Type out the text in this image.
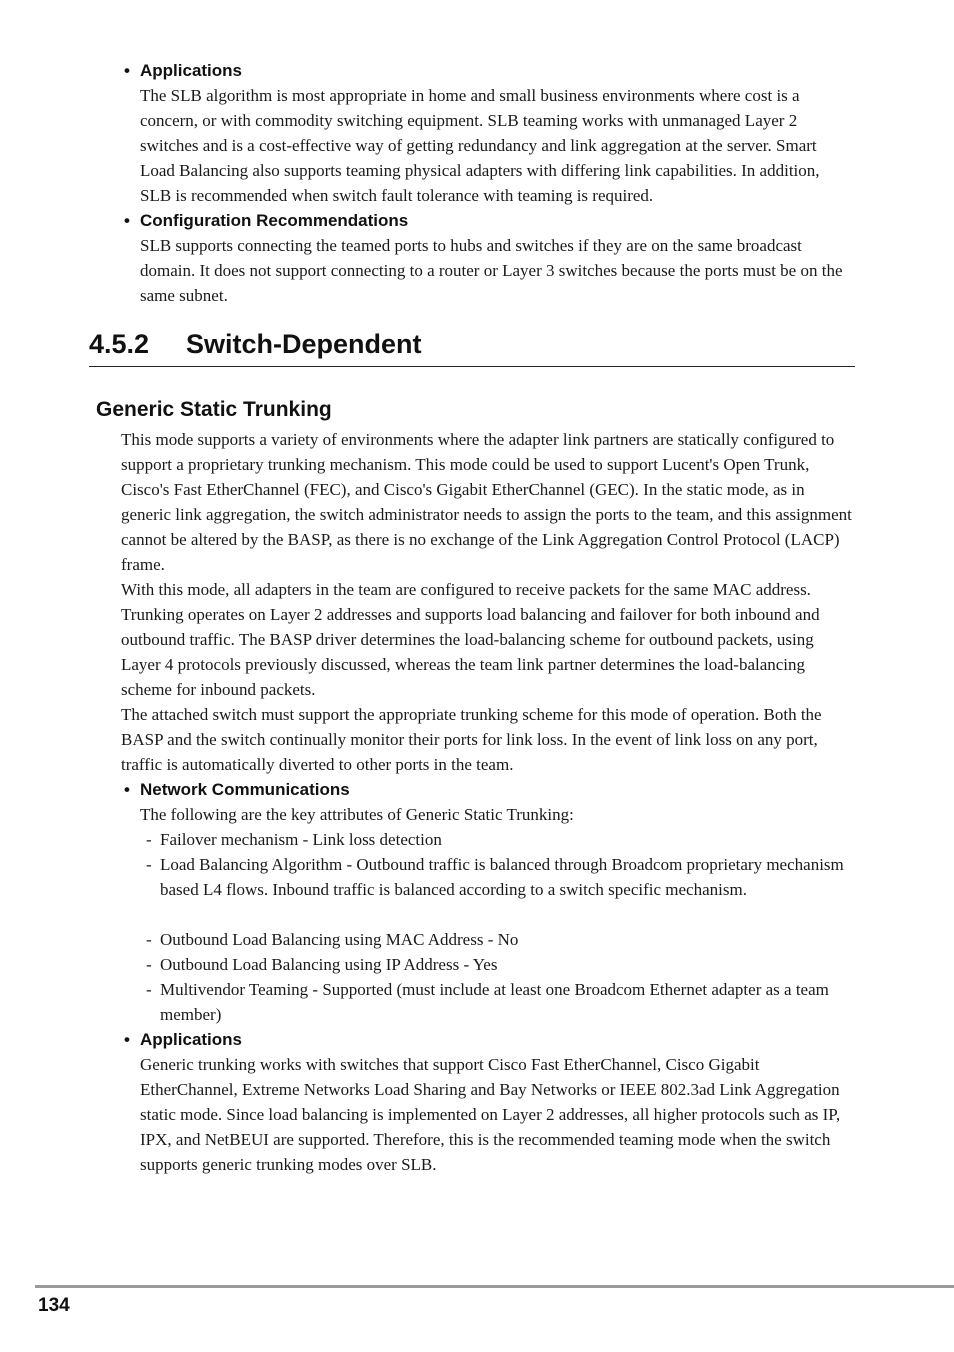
• Applications
The SLB algorithm is most appropriate in home and small business environments where cost is a concern, or with commodity switching equipment. SLB teaming works with unmanaged Layer 2 switches and is a cost-effective way of getting redundancy and link aggregation at the server. Smart Load Balancing also supports teaming physical adapters with differing link capabilities. In addition, SLB is recommended when switch fault tolerance with teaming is required.
• Configuration Recommendations
SLB supports connecting the teamed ports to hubs and switches if they are on the same broadcast domain. It does not support connecting to a router or Layer 3 switches because the ports must be on the same subnet.
4.5.2 Switch-Dependent
Generic Static Trunking
This mode supports a variety of environments where the adapter link partners are statically configured to support a proprietary trunking mechanism. This mode could be used to support Lucent's Open Trunk, Cisco's Fast EtherChannel (FEC), and Cisco's Gigabit EtherChannel (GEC). In the static mode, as in generic link aggregation, the switch administrator needs to assign the ports to the team, and this assignment cannot be altered by the BASP, as there is no exchange of the Link Aggregation Control Protocol (LACP) frame.
With this mode, all adapters in the team are configured to receive packets for the same MAC address. Trunking operates on Layer 2 addresses and supports load balancing and failover for both inbound and outbound traffic. The BASP driver determines the load-balancing scheme for outbound packets, using Layer 4 protocols previously discussed, whereas the team link partner determines the load-balancing scheme for inbound packets.
The attached switch must support the appropriate trunking scheme for this mode of operation. Both the BASP and the switch continually monitor their ports for link loss. In the event of link loss on any port, traffic is automatically diverted to other ports in the team.
• Network Communications
The following are the key attributes of Generic Static Trunking:
- Failover mechanism - Link loss detection
- Load Balancing Algorithm - Outbound traffic is balanced through Broadcom proprietary mechanism based L4 flows. Inbound traffic is balanced according to a switch specific mechanism.
- Outbound Load Balancing using MAC Address - No
- Outbound Load Balancing using IP Address - Yes
- Multivendor Teaming - Supported (must include at least one Broadcom Ethernet adapter as a team member)
• Applications
Generic trunking works with switches that support Cisco Fast EtherChannel, Cisco Gigabit EtherChannel, Extreme Networks Load Sharing and Bay Networks or IEEE 802.3ad Link Aggregation static mode. Since load balancing is implemented on Layer 2 addresses, all higher protocols such as IP, IPX, and NetBEUI are supported. Therefore, this is the recommended teaming mode when the switch supports generic trunking modes over SLB.
134
